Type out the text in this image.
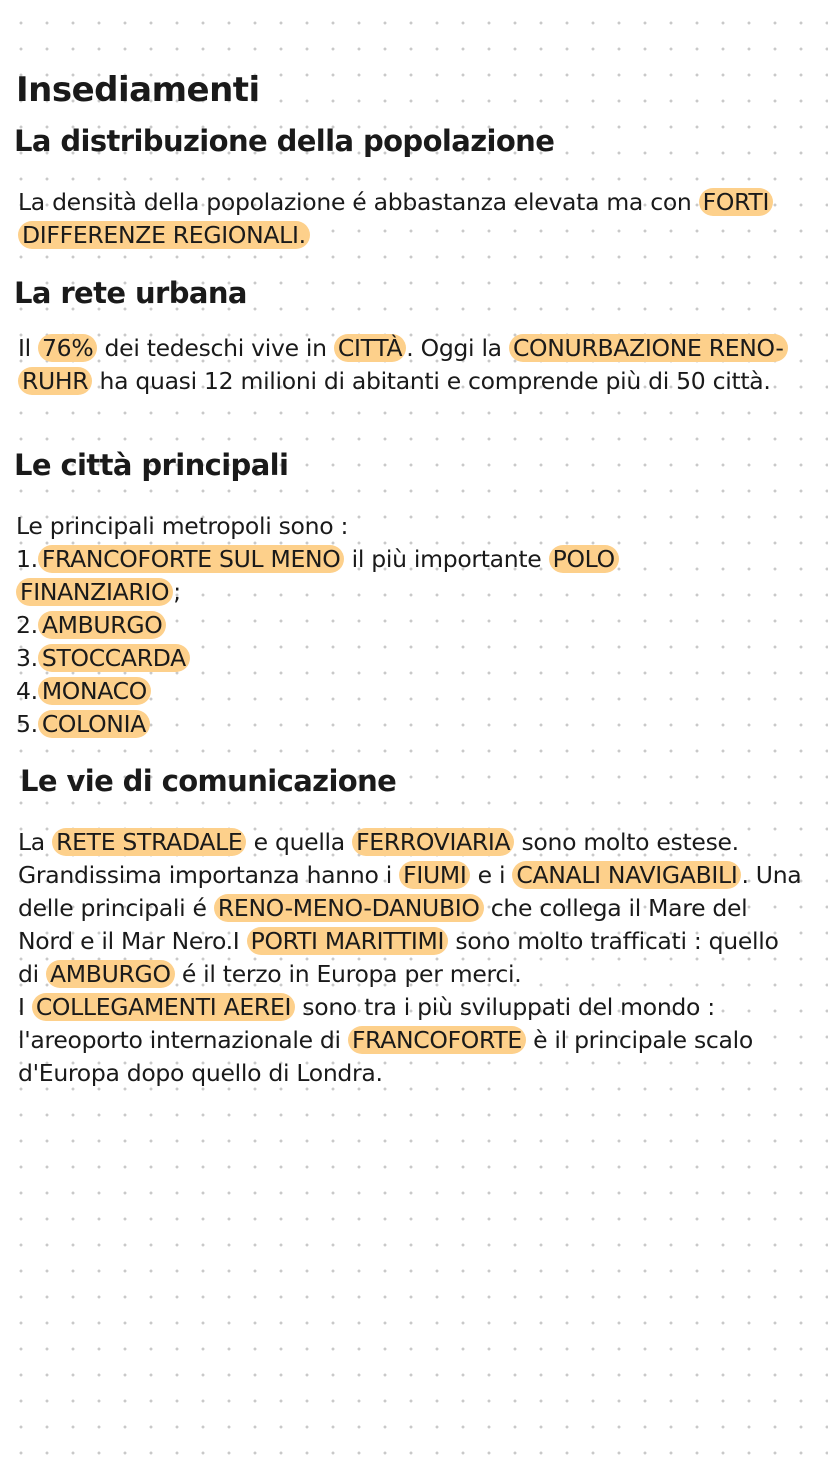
Insediamenti
La distribuzione della popolazione

La densità della popolazione é abbastanza elevata ma con FORTI DIFFERENZE REGIONALI.

La rete urbana

Il 76% dei tedeschi vive in CITTÀ . Oggi la CONURBAZIONE RENO-RUHR ha quasi 12 milioni di abitanti e comprende più di 50 città.

Le città principali
Le principali metropoli sono :
1. FRANCOFORTE SUL MENO il più importante POLO FINANZIARIO ;
2. AMBURGO
3. STOCCARDA
4. MONACO
5. COLONIA
Le vie di comunicazione

La RETE STRADALE e quella FERROVIARIA sono molto estese. Grandissima importanza hanno i FIUMI e i CANALI NAVIGABILI . Una delle principali é RENO-MENO-DANUBIO che collega il Mare del Nord e il Mar Nero.I PORTI MARITTIMI sono molto trafficati : quello di AMBURGO é il terzo in Europa per merci.
I COLLEGAMENTI AEREI sono tra i più sviluppati del mondo : l'areoporto internazionale di FRANCOFORTE è il principale scalo d'Europa dopo quello di Londra.
